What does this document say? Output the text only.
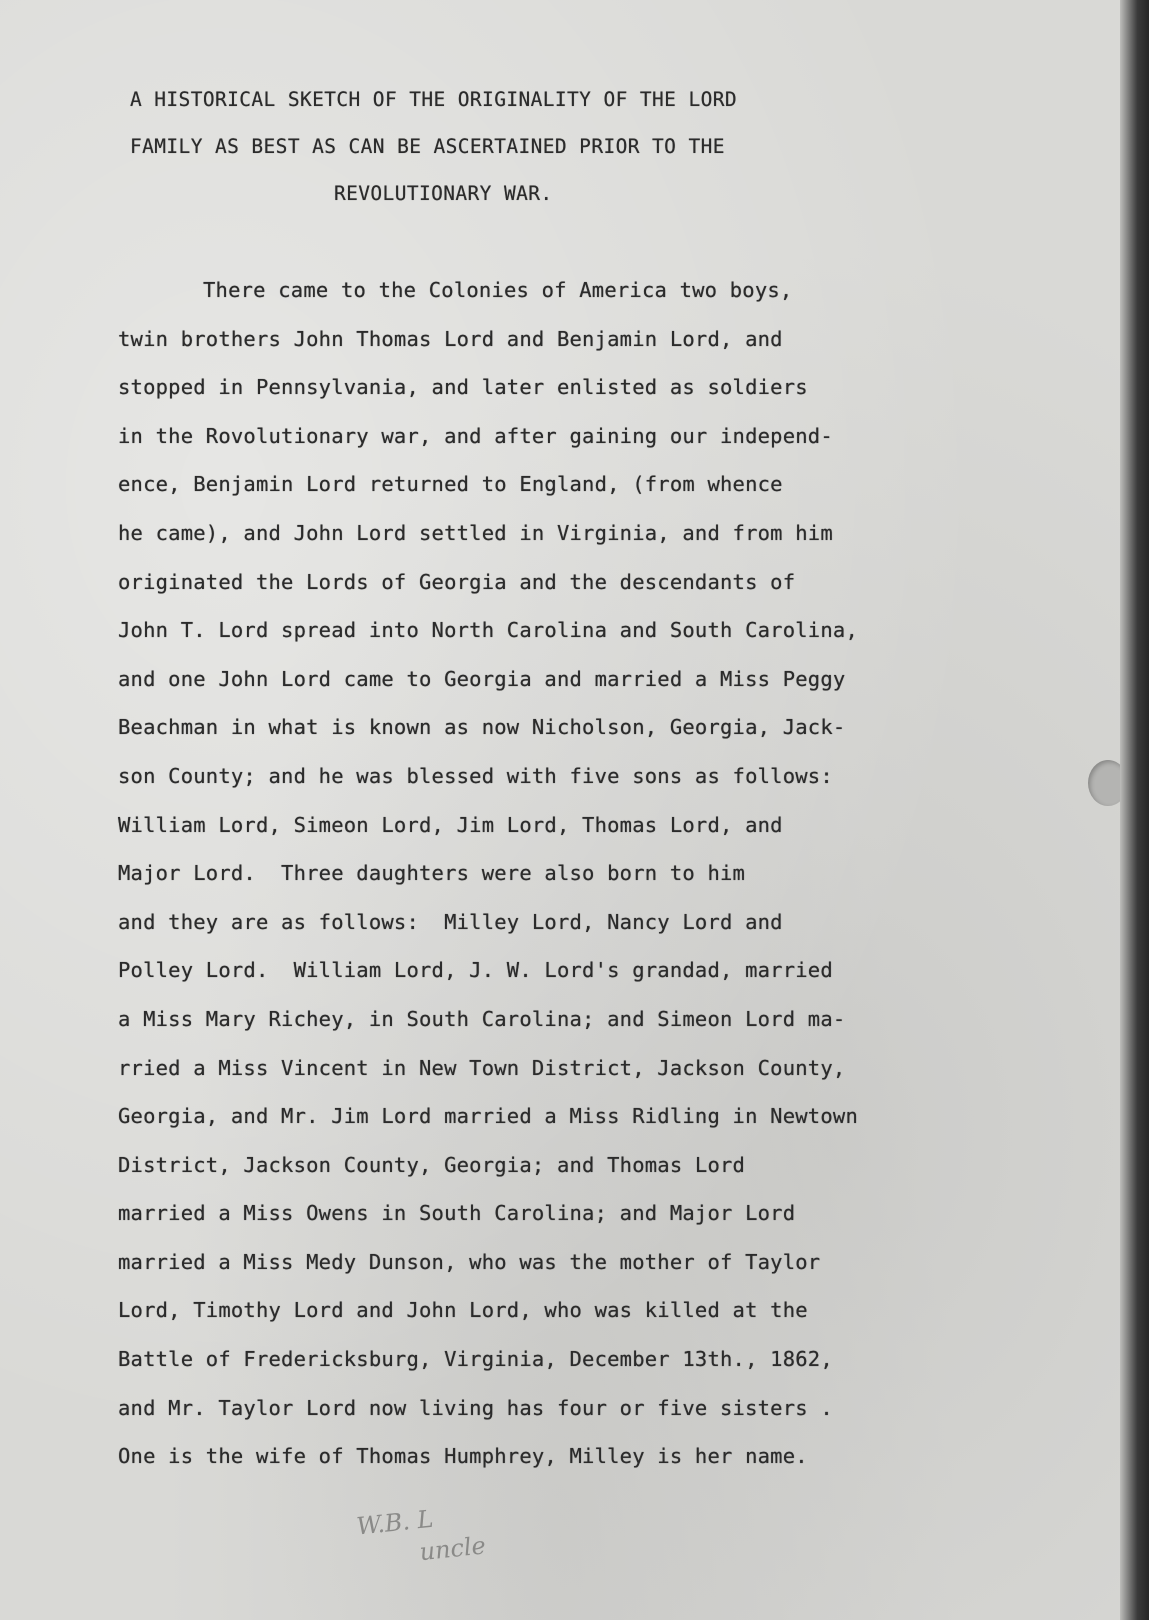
A HISTORICAL SKETCH OF THE ORIGINALITY OF THE LORD
FAMILY AS BEST AS CAN BE ASCERTAINED PRIOR TO THE
REVOLUTIONARY WAR.
There came to the Colonies of America two boys,
twin brothers John Thomas Lord and Benjamin Lord, and
stopped in Pennsylvania, and later enlisted as soldiers
in the Rovolutionary war, and after gaining our independ-
ence, Benjamin Lord returned to England, (from whence
he came), and John Lord settled in Virginia, and from him
originated the Lords of Georgia and the descendants of
John T. Lord spread into North Carolina and South Carolina,
and one John Lord came to Georgia and married a Miss Peggy
Beachman in what is known as now Nicholson, Georgia, Jack-
son County; and he was blessed with five sons as follows:
William Lord, Simeon Lord, Jim Lord, Thomas Lord, and
Major Lord.  Three daughters were also born to him
and they are as follows:  Milley Lord, Nancy Lord and
Polley Lord.  William Lord, J. W. Lord's grandad, married
a Miss Mary Richey, in South Carolina; and Simeon Lord ma-
rried a Miss Vincent in New Town District, Jackson County,
Georgia, and Mr. Jim Lord married a Miss Ridling in Newtown
District, Jackson County, Georgia; and Thomas Lord
married a Miss Owens in South Carolina; and Major Lord
married a Miss Medy Dunson, who was the mother of Taylor
Lord, Timothy Lord and John Lord, who was killed at the
Battle of Fredericksburg, Virginia, December 13th., 1862,
and Mr. Taylor Lord now living has four or five sisters .
One is the wife of Thomas Humphrey, Milley is her name.
W.B. L
uncle
